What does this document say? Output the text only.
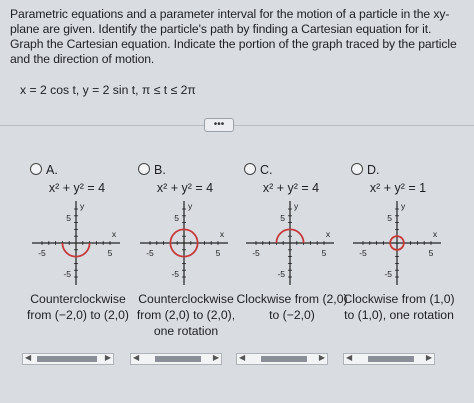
Parametric equations and a parameter interval for the motion of a particle in the xy-plane are given. Identify the particle's path by finding a Cartesian equation for it. Graph the Cartesian equation. Indicate the portion of the graph traced by the particle and the direction of motion.
x = 2 cos t, y = 2 sin t, π ≤ t ≤ 2π
•••
A.
x² + y² = 4
y
x
5
-5
-5	5
Counterclockwise from (−2,0) to (2,0)
◀	▶
B.
x² + y² = 4
y
x
5
-5
-5	5
Counterclockwise from (2,0) to (2,0), one rotation
◀	▶
C.
x² + y² = 4
y
x
5
-5
-5	5
Clockwise from (2,0) to (−2,0)
◀	▶
D.
x² + y² = 1
y
x
5
-5
-5	5
Clockwise from (1,0) to (1,0), one rotation
◀	▶
